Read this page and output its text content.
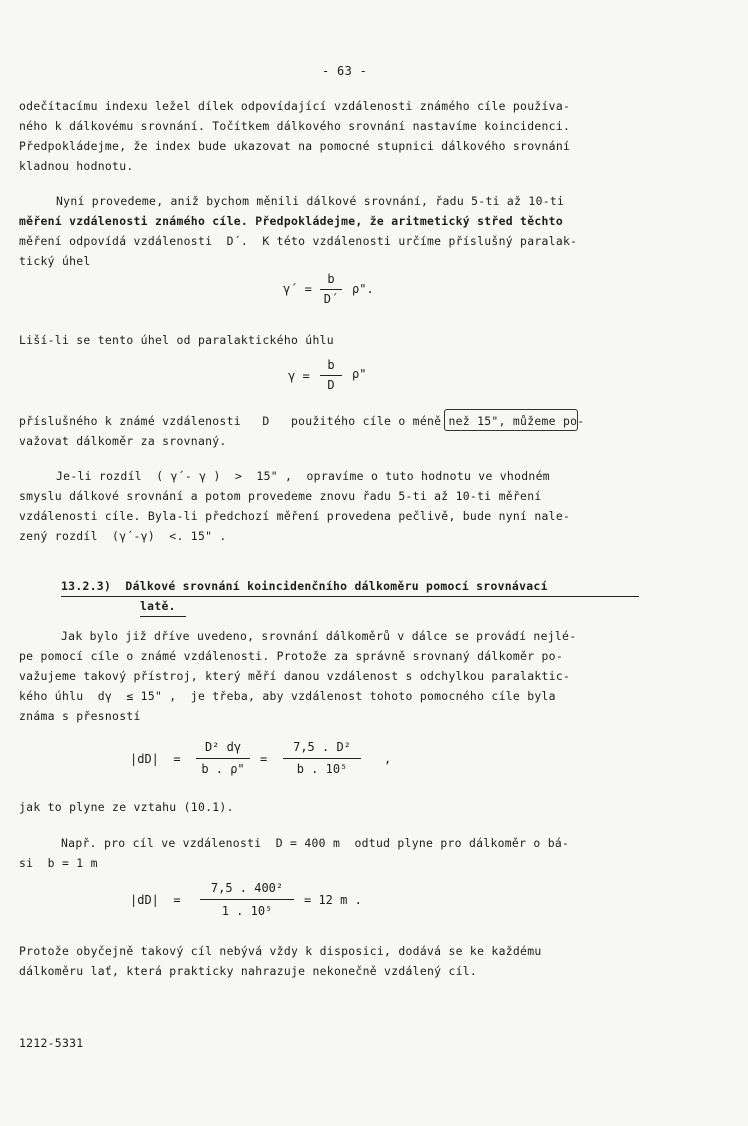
- 63 -
odečítacímu indexu ležel dílek odpovídající vzdálenosti známého cíle používa-
ného k dálkovému srovnání. Točítkem dálkového srovnání nastavíme koincidenci.
Předpokládejme, že index bude ukazovat na pomocné stupnici dálkového srovnání
kladnou hodnotu.
Nyní provedeme, aniž bychom měnili dálkové srovnání, řadu 5-ti až 10-ti
měření vzdálenosti známého cíle. Předpokládejme, že aritmetický střed těchto
měření odpovídá vzdálenosti  D´.  K této vzdálenosti určíme příslušný paralak-
tický úhel
γ´ =
b
D´
ρ".
Liší-li se tento úhel od paralaktického úhlu
γ =
b
D
ρ"
příslušného k známé vzdálenosti   D   použitého cíle o méně než 15", můžeme po-
važovat dálkoměr za srovnaný.
Je-li rozdíl  ( γ´- γ )  >  15" ,  opravíme o tuto hodnotu ve vhodném
smyslu dálkové srovnání a potom provedeme znovu řadu 5-ti až 10-ti měření
vzdálenosti cíle. Byla-li předchozí měření provedena pečlivě, bude nyní nale-
zený rozdíl  (γ´-γ)  <. 15" .
13.2.3)  Dálkové srovnání koincidenčního dálkoměru pomocí srovnávací
latě.
Jak bylo již dříve uvedeno, srovnání dálkoměrů v dálce se provádí nejlé-
pe pomocí cíle o známé vzdálenosti. Protože za správně srovnaný dálkoměr po-
važujeme takový přístroj, který měří danou vzdálenost s odchylkou paralaktic-
kého úhlu  dγ  ≤ 15" ,  je třeba, aby vzdálenost tohoto pomocného cíle byla
známa s přesností
|dD|  =
D² dγ
b . ρ"
=
7,5 . D²
b . 10⁵
,
jak to plyne ze vztahu (10.1).
Např. pro cíl ve vzdálenosti  D = 400 m  odtud plyne pro dálkoměr o bá-
si  b = 1 m
|dD|  =
7,5 . 400²
1 . 10⁵
= 12 m .
Protože obyčejně takový cíl nebývá vždy k disposici, dodává se ke každému
dálkoměru lať, která prakticky nahrazuje nekonečně vzdálený cíl.
1212-5331
